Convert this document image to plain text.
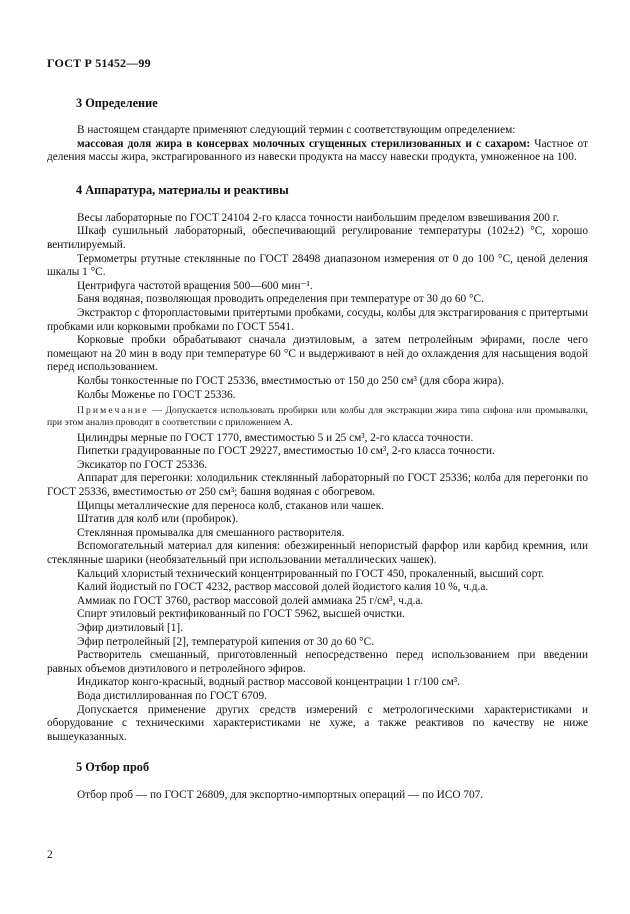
ГОСТ Р 51452—99
3 Определение

В настоящем стандарте применяют следующий термин с соответствующим определением:

массовая доля жира в консервах молочных сгущенных стерилизованных и с сахаром: Частное от деления массы жира, экстрагированного из навески продукта на массу навески продукта, умноженное на 100.

4 Аппаратура, материалы и реактивы

Весы лабораторные по ГОСТ 24104 2-го класса точности наибольшим пределом взвешивания 200 г.

Шкаф сушильный лабораторный, обеспечивающий регулирование температуры (102±2) °С, хорошо вентилируемый.

Термометры ртутные стеклянные по ГОСТ 28498 диапазоном измерения от 0 до 100 °С, ценой деления шкалы 1 °С.

Центрифуга частотой вращения 500—600 мин⁻¹.

Баня водяная, позволяющая проводить определения при температуре от 30 до 60 °С.

Экстрактор с фторопластовыми притертыми пробками, сосуды, колбы для экстрагирования с притертыми пробками или корковыми пробками по ГОСТ 5541.

Корковые пробки обрабатывают сначала диэтиловым, а затем петролейным эфирами, после чего помещают на 20 мин в воду при температуре 60 °С и выдерживают в ней до охлаждения для насыщения водой перед использованием.

Колбы тонкостенные по ГОСТ 25336, вместимостью от 150 до 250 см³ (для сбора жира).

Колбы Моженье по ГОСТ 25336.

Примечание — Допускается использовать пробирки или колбы для экстракции жира типа сифона или промывалки, при этом анализ проводят в соответствии с приложением А.

Цилиндры мерные по ГОСТ 1770, вместимостью 5 и 25 см³, 2-го класса точности.

Пипетки градуированные по ГОСТ 29227, вместимостью 10 см³, 2-го класса точности.

Эксикатор по ГОСТ 25336.

Аппарат для перегонки: холодильник стеклянный лабораторный по ГОСТ 25336; колба для перегонки по ГОСТ 25336, вместимостью от 250 см³; башня водяная с обогревом.

Щипцы металлические для переноса колб, стаканов или чашек.

Штатив для колб или (пробирок).

Стеклянная промывалка для смешанного растворителя.

Вспомогательный материал для кипения: обезжиренный непористый фарфор или карбид кремния, или стеклянные шарики (необязательный при использовании металлических чашек).

Кальций хлористый технический концентрированный по ГОСТ 450, прокаленный, высший сорт.

Калий йодистый по ГОСТ 4232, раствор массовой долей йодистого калия 10 %, ч.д.а.

Аммиак по ГОСТ 3760, раствор массовой долей аммиака 25 г/см³, ч.д.а.

Спирт этиловый ректификованный по ГОСТ 5962, высшей очистки.

Эфир диэтиловый [1].

Эфир петролейный [2], температурой кипения от 30 до 60 °С.

Растворитель смешанный, приготовленный непосредственно перед использованием при введении равных объемов диэтилового и петролейного эфиров.

Индикатор конго-красный, водный раствор массовой концентрации 1 г/100 см³.

Вода дистиллированная по ГОСТ 6709.

Допускается применение других средств измерений с метрологическими характеристиками и оборудование с техническими характеристиками не хуже, а также реактивов по качеству не ниже вышеуказанных.

5 Отбор проб

Отбор проб — по ГОСТ 26809, для экспортно-импортных операций — по ИСО 707.

2
